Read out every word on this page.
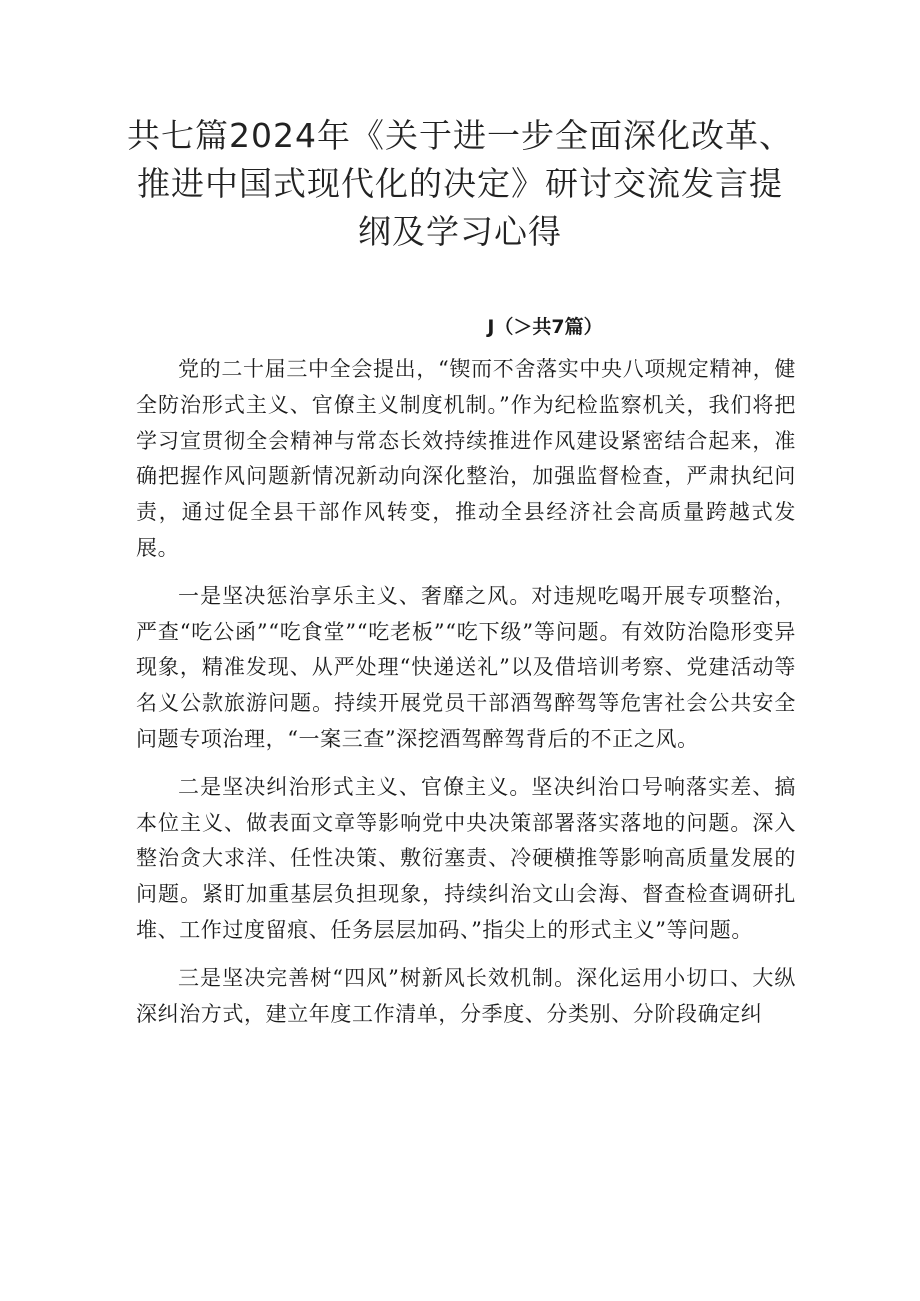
共七篇2024年《关于进一步全面深化改革、
推进中国式现代化的决定》研讨交流发言提
纲及学习心得
J（＞共7篇）

党的二十届三中全会提出，“锲而不舍落实中央八项规定精神，健全防治形式主义、官僚主义制度机制。”作为纪检监察机关，我们将把学习宣贯彻全会精神与常态长效持续推进作风建设紧密结合起来，准确把握作风问题新情况新动向深化整治，加强监督检查，严肃执纪问责，通过促全县干部作风转变，推动全县经济社会高质量跨越式发展。

一是坚决惩治享乐主义、奢靡之风。对违规吃喝开展专项整治，严查“吃公函”“吃食堂”“吃老板”“吃下级”等问题。有效防治隐形变异现象，精准发现、从严处理“快递送礼”以及借培训考察、党建活动等名义公款旅游问题。持续开展党员干部酒驾醉驾等危害社会公共安全问题专项治理，“一案三查”深挖酒驾醉驾背后的不正之风。

二是坚决纠治形式主义、官僚主义。坚决纠治口号响落实差、搞本位主义、做表面文章等影响党中央决策部署落实落地的问题。深入整治贪大求洋、任性决策、敷衍塞责、冷硬横推等影响高质量发展的问题。紧盯加重基层负担现象，持续纠治文山会海、督查检查调研扎堆、工作过度留痕、任务层层加码、”指尖上的形式主义”等问题。

三是坚决完善树“四风”树新风长效机制。深化运用小切口、大纵深纠治方式，建立年度工作清单，分季度、分类别、分阶段确定纠
